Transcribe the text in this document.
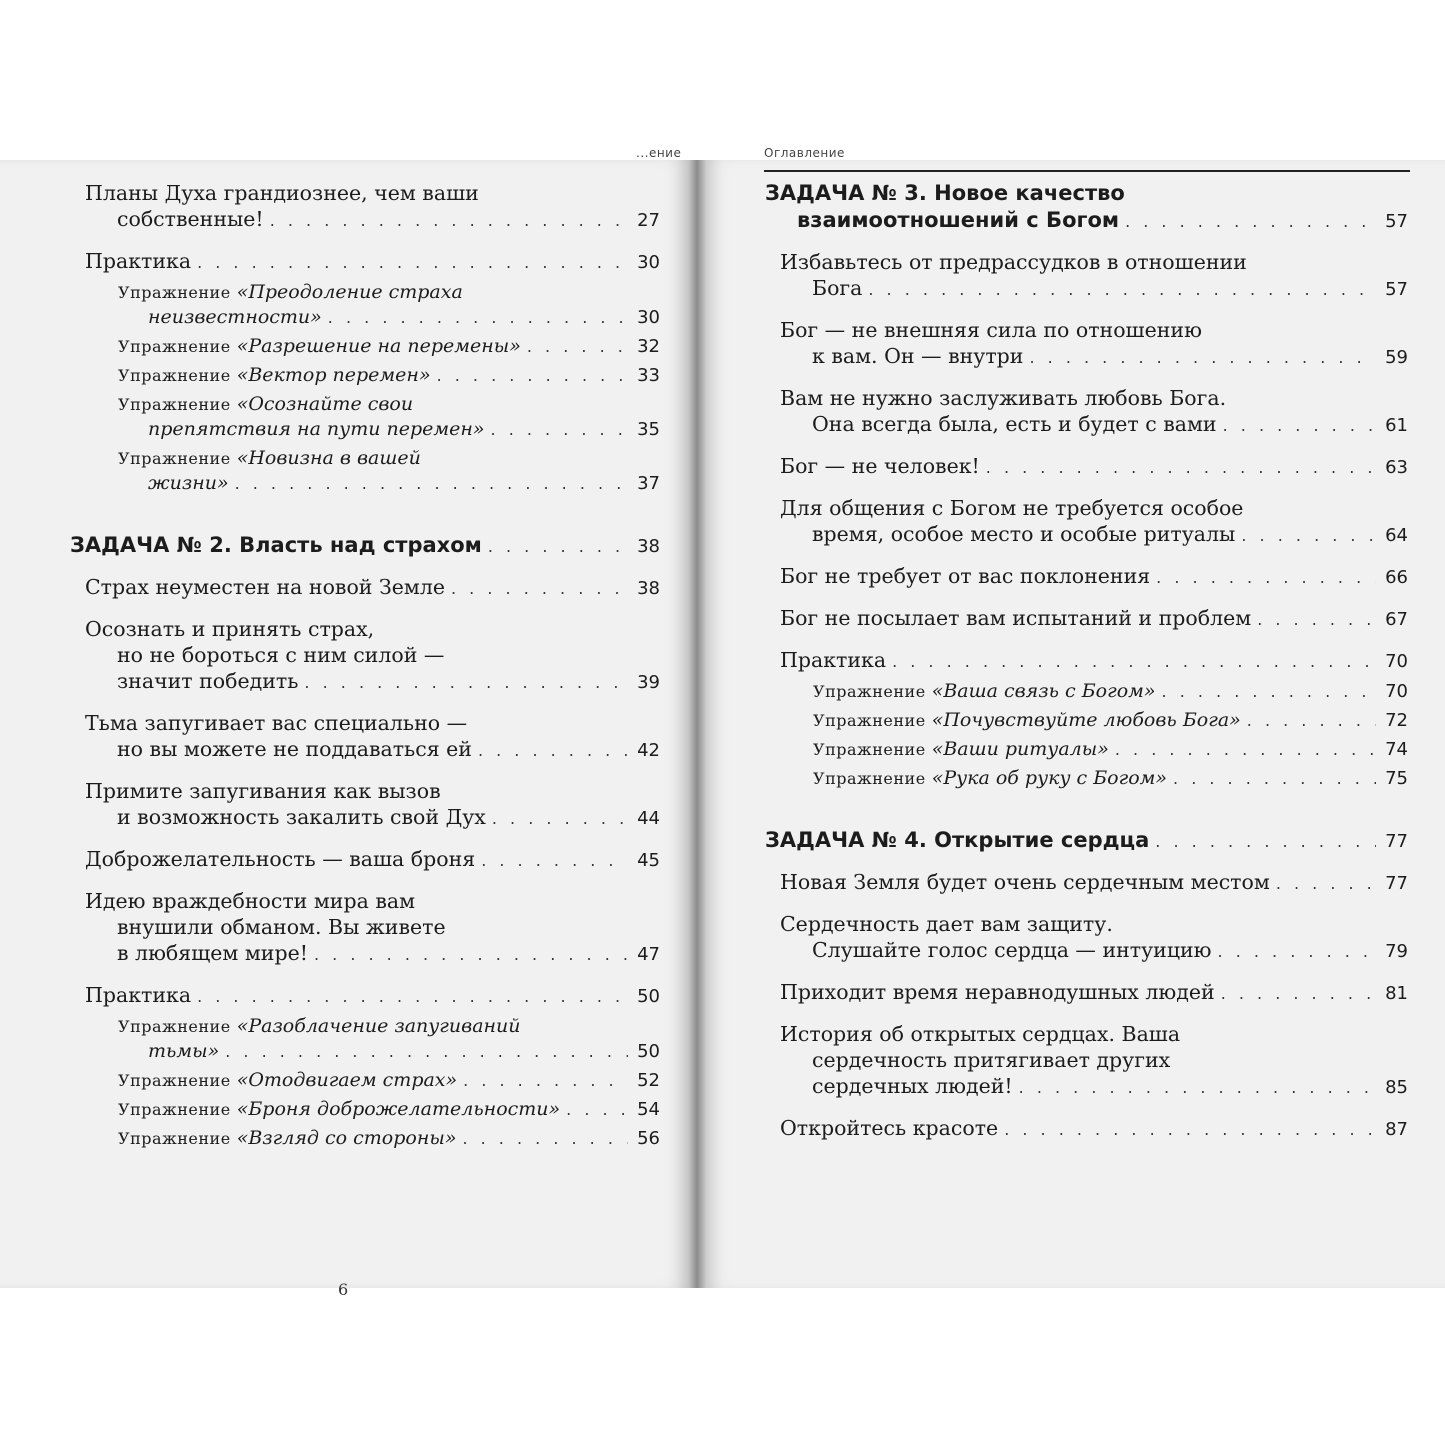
...ение	Оглавление
Планы Духа грандиознее, чем ваши
собственные! . . .	27
Практика . . .	30
Упражнение «Преодоление страха
неизвестности» . . .	30
Упражнение «Разрешение на перемены» . . .	32
Упражнение «Вектор перемен» . . .	33
Упражнение «Осознайте свои
препятствия на пути перемен» . . .	35
Упражнение «Новизна в вашей
жизни» . . .	37
ЗАДАЧА № 2. Власть над страхом . . .	38
Страх неуместен на новой Земле . . .	38
Осознать и принять страх,
но не бороться с ним силой —
значит победить . . .	39
Тьма запугивает вас специально —
но вы можете не поддаваться ей . . .	42
Примите запугивания как вызов
и возможность закалить свой Дух . . .	44
Доброжелательность — ваша броня . . .	45
Идею враждебности мира вам
внушили обманом. Вы живете
в любящем мире! . . .	47
Практика . . .	50
Упражнение «Разоблачение запугиваний
тьмы» . . .	50
Упражнение «Отодвигаем страх» . . .	52
Упражнение «Броня доброжелательности» . . .	54
Упражнение «Взгляд со стороны» . . .	56
ЗАДАЧА № 3. Новое качество
взаимоотношений с Богом . . .	57
Избавьтесь от предрассудков в отношении
Бога . . .	57
Бог — не внешняя сила по отношению
к вам. Он — внутри . . .	59
Вам не нужно заслуживать любовь Бога.
Она всегда была, есть и будет с вами . . .	61
Бог — не человек! . . .	63
Для общения с Богом не требуется особое
время, особое место и особые ритуалы . . .	64
Бог не требует от вас поклонения . . .	66
Бог не посылает вам испытаний и проблем . . .	67
Практика . . .	70
Упражнение «Ваша связь с Богом» . . .	70
Упражнение «Почувствуйте любовь Бога» . . .	72
Упражнение «Ваши ритуалы» . . .	74
Упражнение «Рука об руку с Богом» . . .	75
ЗАДАЧА № 4. Открытие сердца . . .	77
Новая Земля будет очень сердечным местом . . .	77
Сердечность дает вам защиту.
Слушайте голос сердца — интуицию . . .	79
Приходит время неравнодушных людей . . .	81
История об открытых сердцах. Ваша
сердечность притягивает других
сердечных людей! . . .	85
Откройтесь красоте . . .	87
6
